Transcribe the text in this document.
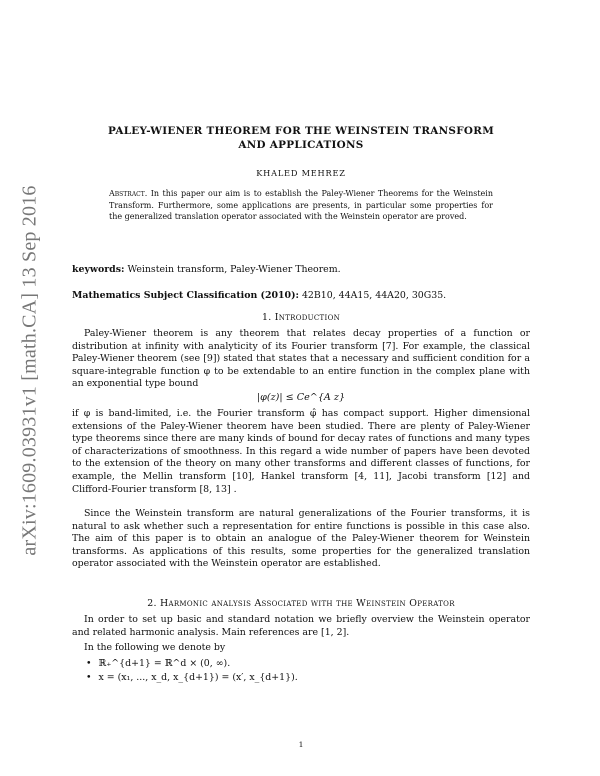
arXiv:1609.03931v1 [math.CA] 13 Sep 2016
PALEY-WIENER THEOREM FOR THE WEINSTEIN TRANSFORM
AND APPLICATIONS
KHALED MEHREZ
Abstract. In this paper our aim is to establish the Paley-Wiener Theorems for the Weinstein Transform. Furthermore, some applications are presents, in particular some properties for the generalized translation operator associated with the Weinstein operator are proved.
keywords: Weinstein transform, Paley-Wiener Theorem.
Mathematics Subject Classification (2010): 42B10, 44A15, 44A20, 30G35.
1. Introduction
Paley-Wiener theorem is any theorem that relates decay properties of a function or distribution at infinity with analyticity of its Fourier transform [7]. For example, the classical Paley-Wiener theorem (see [9]) stated that states that a necessary and sufficient condition for a square-integrable function φ to be extendable to an entire function in the complex plane with an exponential type bound
|φ(z)| ≤ Ce^{A z}
if φ is band-limited, i.e. the Fourier transform φ̂ has compact support. Higher dimensional extensions of the Paley-Wiener theorem have been studied. There are plenty of Paley-Wiener type theorems since there are many kinds of bound for decay rates of functions and many types of characterizations of smoothness. In this regard a wide number of papers have been devoted to the extension of the theory on many other transforms and different classes of functions, for example, the Mellin transform [10], Hankel transform [4, 11], Jacobi transform [12] and Clifford-Fourier transform [8, 13] .
Since the Weinstein transform are natural generalizations of the Fourier transforms, it is natural to ask whether such a representation for entire functions is possible in this case also. The aim of this paper is to obtain an analogue of the Paley-Wiener theorem for Weinstein transforms. As applications of this results, some properties for the generalized translation operator associated with the Weinstein operator are established.
2. Harmonic analysis Associated with the Weinstein Operator
In order to set up basic and standard notation we briefly overview the Weinstein operator and related harmonic analysis. Main references are [1, 2].
In the following we denote by
• ℝ₊^{d+1} = ℝ^d × (0, ∞).
• x = (x₁, ..., x_d, x_{d+1}) = (x′, x_{d+1}).
1
